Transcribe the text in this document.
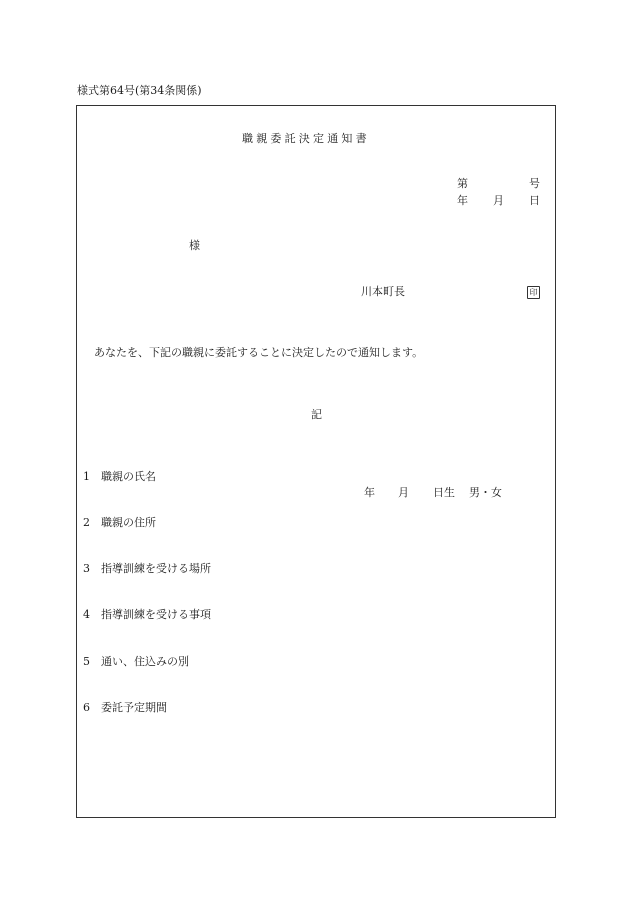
様式第64号(第34条関係)
職親委託決定通知書
第	号
年 月 日
様
川本町長	印
あなたを、下記の職親に委託することに決定したので通知します。
記
1 職親の氏名
年 月 日生 男・女
2 職親の住所
3 指導訓練を受ける場所
4 指導訓練を受ける事項
5 通い、住込みの別
6 委託予定期間
